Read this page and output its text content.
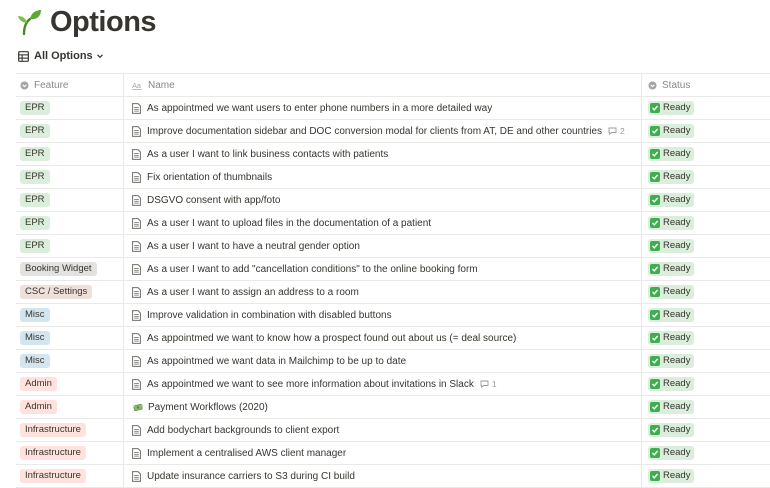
Options
All Options
Feature	Aa Name	Status
EPR	As appointmed we want users to enter phone numbers in a more detailed way	Ready
EPR	Improve documentation sidebar and DOC conversion modal for clients from AT, DE and other countries 2	Ready
EPR	As a user I want to link business contacts with patients	Ready
EPR	Fix orientation of thumbnails	Ready
EPR	DSGVO consent with app/foto	Ready
EPR	As a user I want to upload files in the documentation of a patient	Ready
EPR	As a user I want to have a neutral gender option	Ready
Booking Widget	As a user I want to add "cancellation conditions" to the online booking form	Ready
CSC / Settings	As a user I want to assign an address to a room	Ready
Misc	Improve validation in combination with disabled buttons	Ready
Misc	As appointmed we want to know how a prospect found out about us (= deal source)	Ready
Misc	As appointmed we want data in Mailchimp to be up to date	Ready
Admin	As appointmed we want to see more information about invitations in Slack 1	Ready
Admin	Payment Workflows (2020)	Ready
Infrastructure	Add bodychart backgrounds to client export	Ready
Infrastructure	Implement a centralised AWS client manager	Ready
Infrastructure	Update insurance carriers to S3 during CI build	Ready
